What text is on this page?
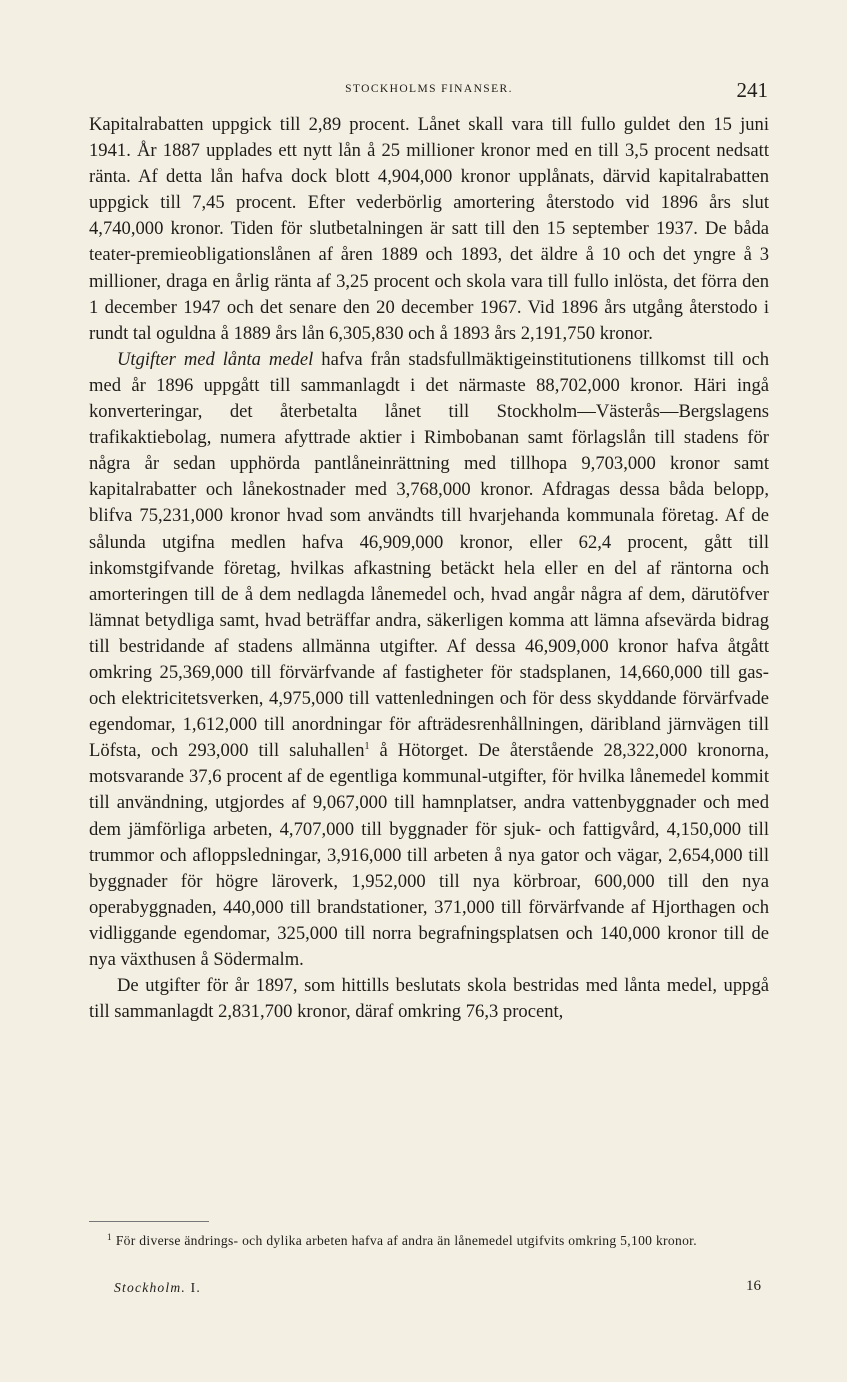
STOCKHOLMS FINANSER.	241

Kapitalrabatten uppgick till 2,89 procent. Lånet skall vara till fullo guldet den 15 juni 1941. År 1887 upplades ett nytt lån å 25 millioner kronor med en till 3,5 procent nedsatt ränta. Af detta lån hafva dock blott 4,904,000 kronor upplånats, därvid kapitalrabatten uppgick till 7,45 procent. Efter vederbörlig amortering återstodo vid 1896 års slut 4,740,000 kronor. Tiden för slutbetalningen är satt till den 15 september 1937. De båda teater-premieobligationslånen af åren 1889 och 1893, det äldre å 10 och det yngre å 3 millioner, draga en årlig ränta af 3,25 procent och skola vara till fullo inlösta, det förra den 1 december 1947 och det senare den 20 december 1967. Vid 1896 års utgång återstodo i rundt tal oguldna å 1889 års lån 6,305,830 och å 1893 års 2,191,750 kronor.

Utgifter med lånta medel hafva från stadsfullmäktigeinstitutionens tillkomst till och med år 1896 uppgått till sammanlagdt i det närmaste 88,702,000 kronor. Häri ingå konverteringar, det återbetalta lånet till Stockholm—Västerås—Bergslagens trafikaktiebolag, numera afyttrade aktier i Rimbobanan samt förlagslån till stadens för några år sedan upphörda pantlåneinrättning med tillhopa 9,703,000 kronor samt kapitalrabatter och lånekostnader med 3,768,000 kronor. Afdragas dessa båda belopp, blifva 75,231,000 kronor hvad som användts till hvarjehanda kommunala företag. Af de sålunda utgifna medlen hafva 46,909,000 kronor, eller 62,4 procent, gått till inkomstgifvande företag, hvilkas afkastning betäckt hela eller en del af räntorna och amorteringen till de å dem nedlagda lånemedel och, hvad angår några af dem, därutöfver lämnat betydliga samt, hvad beträffar andra, säkerligen komma att lämna afsevärda bidrag till bestridande af stadens allmänna utgifter. Af dessa 46,909,000 kronor hafva åtgått omkring 25,369,000 till förvärfvande af fastigheter för stadsplanen, 14,660,000 till gas- och elektricitetsverken, 4,975,000 till vattenledningen och för dess skyddande förvärfvade egendomar, 1,612,000 till anordningar för afträdesrenhållningen, däribland järnvägen till Löfsta, och 293,000 till saluhallen$^1$ å Hötorget. De återstående 28,322,000 kronorna, motsvarande 37,6 procent af de egentliga kommunal-utgifter, för hvilka lånemedel kommit till användning, utgjordes af 9,067,000 till hamnplatser, andra vattenbyggnader och med dem jämförliga arbeten, 4,707,000 till byggnader för sjuk- och fattigvård, 4,150,000 till trummor och afloppsledningar, 3,916,000 till arbeten å nya gator och vägar, 2,654,000 till byggnader för högre läroverk, 1,952,000 till nya körbroar, 600,000 till den nya operabyggnaden, 440,000 till brandstationer, 371,000 till förvärfvande af Hjorthagen och vidliggande egendomar, 325,000 till norra begrafningsplatsen och 140,000 kronor till de nya växthusen å Södermalm.

De utgifter för år 1897, som hittills beslutats skola bestridas med lånta medel, uppgå till sammanlagdt 2,831,700 kronor, däraf omkring 76,3 procent,

$^1$ För diverse ändrings- och dylika arbeten hafva af andra än lånemedel utgifvits omkring 5,100 kronor.
Stockholm. I.	16
